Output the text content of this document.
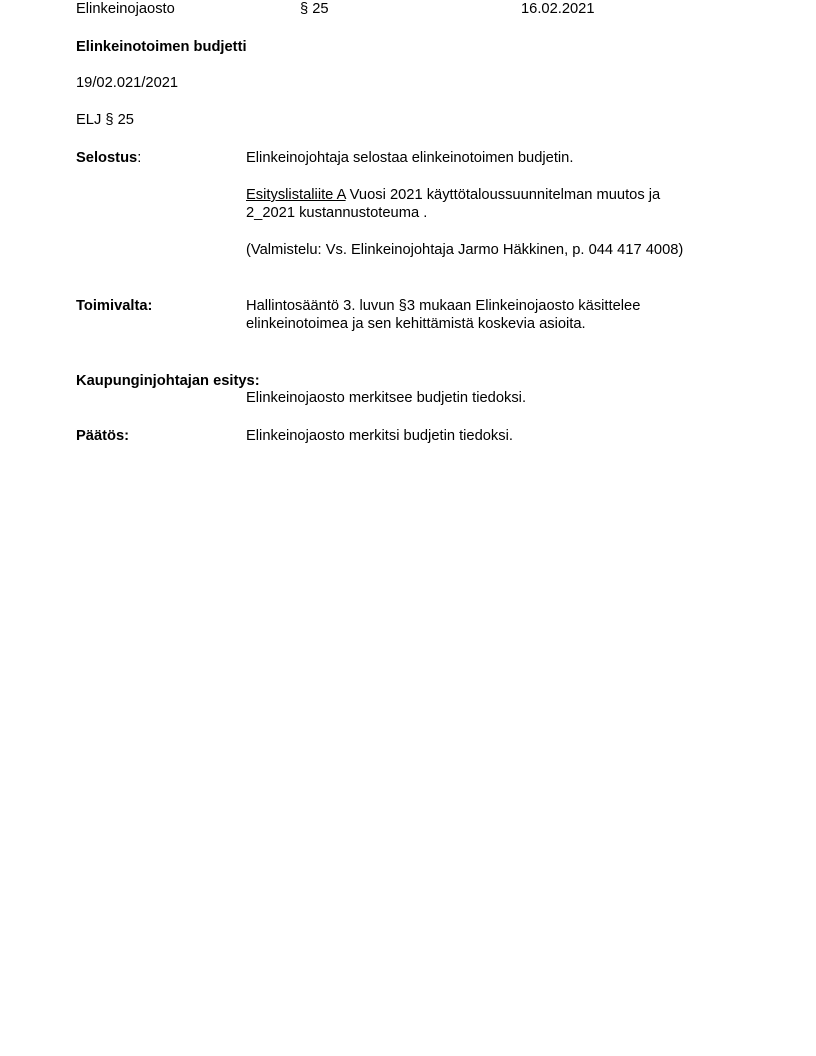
Elinkeinojaosto	§ 25	16.02.2021
Elinkeinotoimen budjetti
19/02.021/2021
ELJ § 25
Selostus:	Elinkeinojohtaja selostaa elinkeinotoimen budjetin.
Esityslistaliite A Vuosi 2021 käyttötaloussuunnitelman muutos ja
2_2021 kustannustoteuma .
(Valmistelu: Vs. Elinkeinojohtaja Jarmo Häkkinen, p. 044 417 4008)
Toimivalta:	Hallintosääntö 3. luvun §3 mukaan Elinkeinojaosto käsittelee
elinkeinotoimea ja sen kehittämistä koskevia asioita.
Kaupunginjohtajan esitys:
Elinkeinojaosto merkitsee budjetin tiedoksi.
Päätös:	Elinkeinojaosto merkitsi budjetin tiedoksi.
